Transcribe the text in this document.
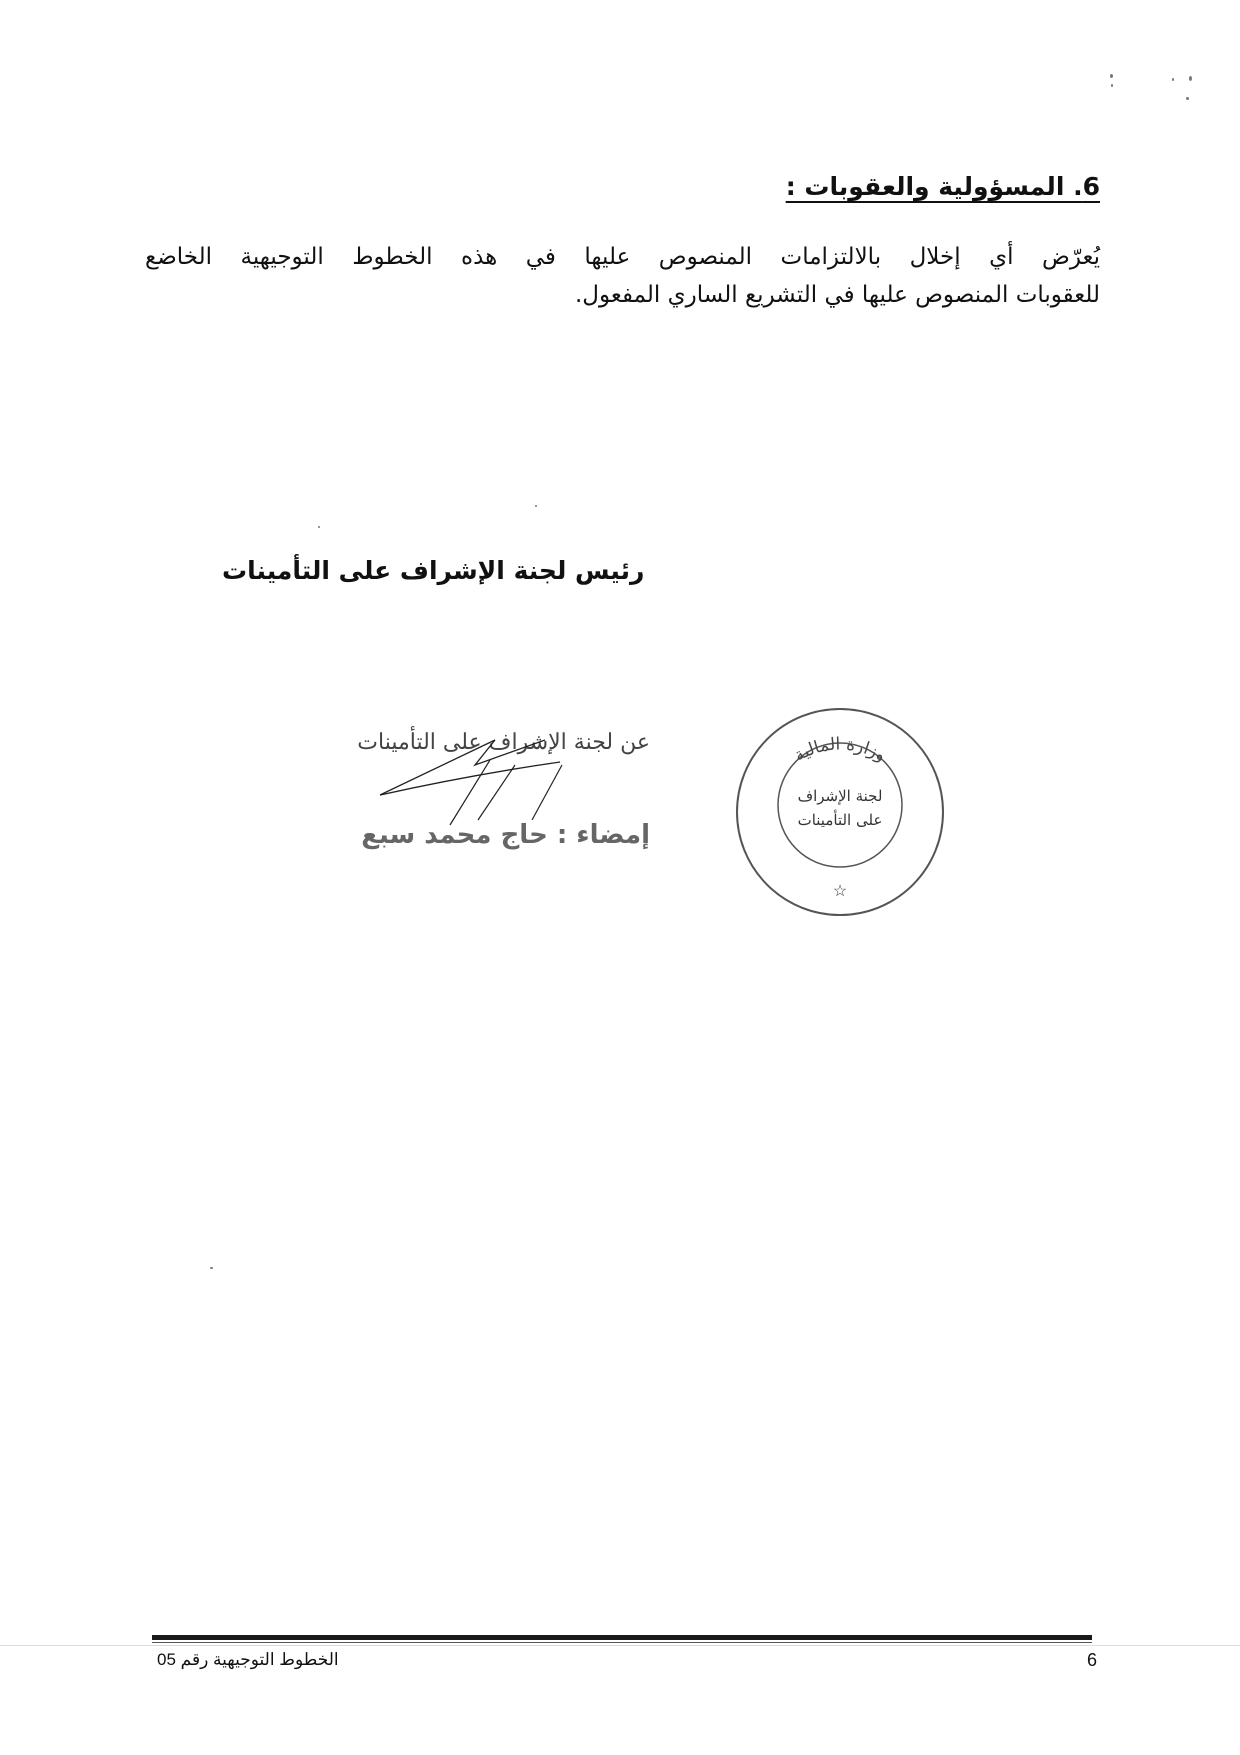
6. المسؤولية والعقوبات :
يُعرّض أي إخلال بالالتزامات المنصوص عليها في هذه الخطوط التوجيهية الخاضع
للعقوبات المنصوص عليها في التشريع الساري المفعول.
رئيس لجنة الإشراف على التأمينات
عن لجنة الإشراف على التأمينات
إمضاء : حاج محمد سبع
وزارة المالية
لجنة الإشراف
على التأمينات
☆
الخطوط التوجيهية رقم 05	6
